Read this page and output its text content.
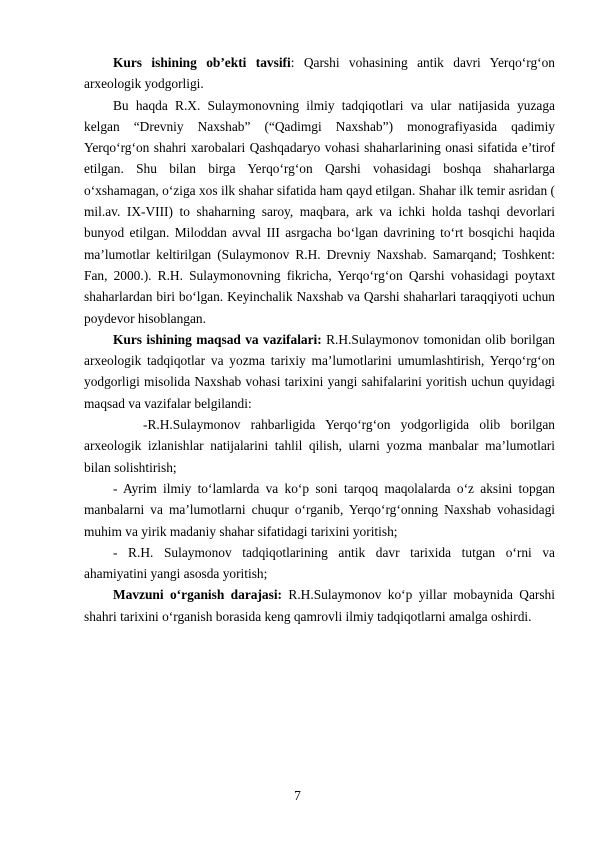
Kurs ishining ob’ekti tavsifi: Qarshi vohasining antik davri Yerqo‘rg‘on arxeologik yodgorligi.

Bu haqda R.X. Sulaymonovning ilmiy tadqiqotlari va ular natijasida yuzaga kelgan “Drevniy Naxshab” (“Qadimgi Naxshab”) monografiyasida qadimiy Yerqo‘rg‘on shahri xarobalari Qashqadaryo vohasi shaharlarining onasi sifatida e’tirof etilgan. Shu bilan birga Yerqo‘rg‘on Qarshi vohasidagi boshqa shaharlarga o‘xshamagan, o‘ziga xos ilk shahar sifatida ham qayd etilgan. Shahar ilk temir asridan ( mil.av. IX-VIII) to shaharning saroy, maqbara, ark va ichki holda tashqi devorlari bunyod etilgan. Miloddan avval III asrgacha bo‘lgan davrining to‘rt bosqichi haqida ma’lumotlar keltirilgan (Sulaymonov R.H. Drevniy Naxshab. Samarqand; Toshkent: Fan, 2000.). R.H. Sulaymonovning fikricha, Yerqo‘rg‘on Qarshi vohasidagi poytaxt shaharlardan biri bo‘lgan. Keyinchalik Naxshab va Qarshi shaharlari taraqqiyoti uchun poydevor hisoblangan.

Kurs ishining maqsad va vazifalari: R.H.Sulaymonov tomonidan olib borilgan arxeologik tadqiqotlar va yozma tarixiy ma’lumotlarini umumlashtirish, Yerqo‘rg‘on yodgorligi misolida Naxshab vohasi tarixini yangi sahifalarini yoritish uchun quyidagi maqsad va vazifalar belgilandi:

-R.H.Sulaymonov rahbarligida Yerqo‘rg‘on yodgorligida olib borilgan arxeologik izlanishlar natijalarini tahlil qilish, ularni yozma manbalar ma’lumotlari bilan solishtirish;

- Ayrim ilmiy to‘lamlarda va ko‘p soni tarqoq maqolalarda o‘z aksini topgan manbalarni va ma’lumotlarni chuqur o‘rganib, Yerqo‘rg‘onning Naxshab vohasidagi muhim va yirik madaniy shahar sifatidagi tarixini yoritish;

- R.H. Sulaymonov tadqiqotlarining antik davr tarixida tutgan o‘rni va ahamiyatini yangi asosda yoritish;

Mavzuni o‘rganish darajasi: R.H.Sulaymonov ko‘p yillar mobaynida Qarshi shahri tarixini o‘rganish borasida keng qamrovli ilmiy tadqiqotlarni amalga oshirdi.

7
